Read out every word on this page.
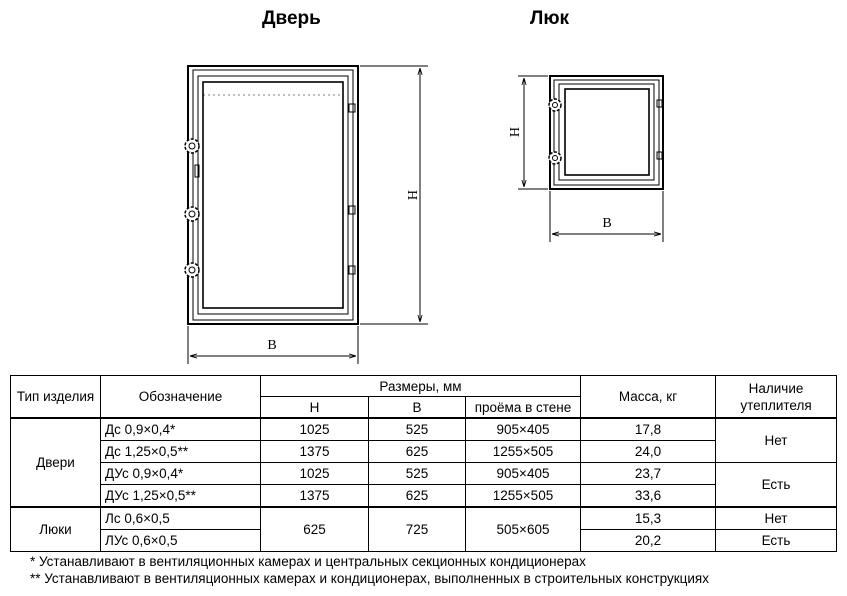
Дверь	Люк
Н
В
Н
В
Тип изделия	Обозначение	Размеры, мм			Масса, кг	Наличие утеплителя
		Н	В	проёма в стене		
Двери	Дс 0,9×0,4*	1025	525	905×405	17,8	Нет
	Дс 1,25×0,5**	1375	625	1255×505	24,0	
	ДУс 0,9×0,4*	1025	525	905×405	23,7	Есть
	ДУс 1,25×0,5**	1375	625	1255×505	33,6	
Люки	Лс 0,6×0,5	625	725	505×605	15,3	Нет
	ЛУс 0,6×0,5				20,2	Есть
* Устанавливают в вентиляционных камерах и центральных секционных кондиционерах
** Устанавливают в вентиляционных камерах и кондиционерах, выполненных в строительных конструкциях
